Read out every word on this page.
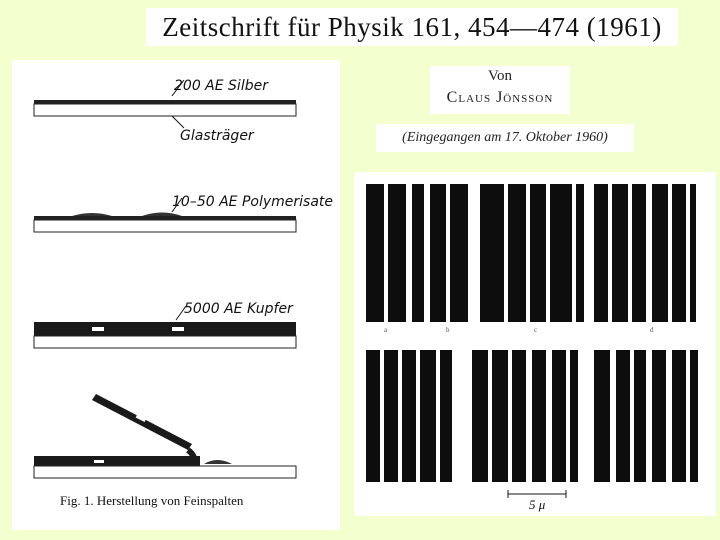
Zeitschrift für Physik 161, 454—474 (1961)
200 AE Silber
Glasträger
10–50 AE Polymerisate
5000 AE Kupfer
Fig. 1. Herstellung von Feinspalten
Von
Claus Jönsson
(Eingegangen am 17. Oktober 1960)
a	b	c	d
5 μ
